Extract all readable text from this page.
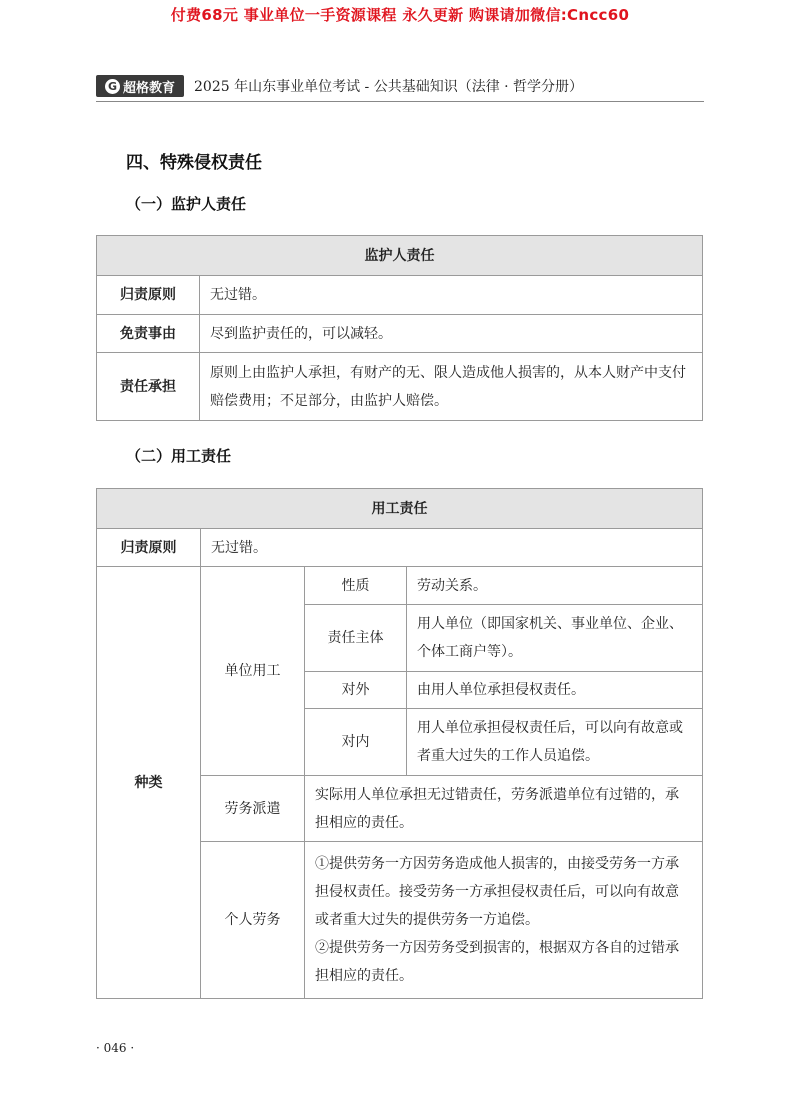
付费68元 事业单位一手资源课程 永久更新 购课请加微信:Cncc60
G 超格教育 2025 年山东事业单位考试 - 公共基础知识（法律 · 哲学分册）
四、特殊侵权责任
（一）监护人责任
监护人责任	
归责原则	无过错。
免责事由	尽到监护责任的，可以减轻。
责任承担	原则上由监护人承担，有财产的无、限人造成他人损害的，从本人财产中支付赔偿费用；不足部分，由监护人赔偿。
（二）用工责任
用工责任			
归责原则	无过错。		
种类	单位用工	性质	劳动关系。
		责任主体	用人单位（即国家机关、事业单位、企业、个体工商户等）。
		对外	由用人单位承担侵权责任。
		对内	用人单位承担侵权责任后，可以向有故意或者重大过失的工作人员追偿。
	劳务派遣	实际用人单位承担无过错责任，劳务派遣单位有过错的，承担相应的责任。	
	个人劳务	①提供劳务一方因劳务造成他人损害的，由接受劳务一方承担侵权责任。接受劳务一方承担侵权责任后，可以向有故意或者重大过失的提供劳务一方追偿。
②提供劳务一方因劳务受到损害的，根据双方各自的过错承担相应的责任。	
· 046 ·
